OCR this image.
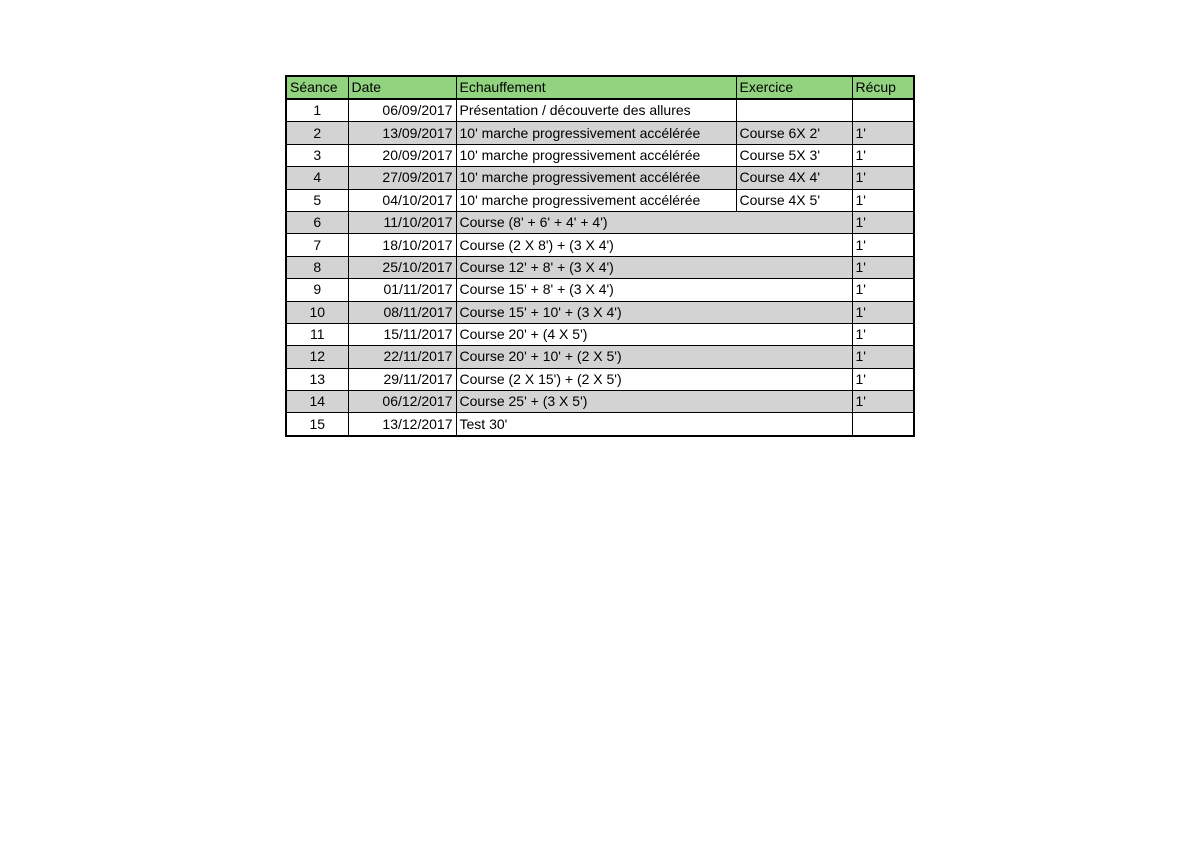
Séance	Date	Echauffement	Exercice	Récup
1	06/09/2017	Présentation / découverte des allures		
2	13/09/2017	10' marche progressivement accélérée	Course 6X 2'	1'
3	20/09/2017	10' marche progressivement accélérée	Course 5X 3'	1'
4	27/09/2017	10' marche progressivement accélérée	Course 4X 4'	1'
5	04/10/2017	10' marche progressivement accélérée	Course 4X 5'	1'
6	11/10/2017	Course (8' + 6' + 4' + 4')		1'
7	18/10/2017	Course (2 X 8') + (3 X 4')		1'
8	25/10/2017	Course 12' + 8' + (3 X 4')		1'
9	01/11/2017	Course 15' + 8' + (3 X 4')		1'
10	08/11/2017	Course 15' + 10' + (3 X 4')		1'
11	15/11/2017	Course 20' + (4 X 5')		1'
12	22/11/2017	Course 20' + 10' + (2 X 5')		1'
13	29/11/2017	Course (2 X 15') + (2 X 5')		1'
14	06/12/2017	Course 25' + (3 X 5')		1'
15	13/12/2017	Test 30'		
